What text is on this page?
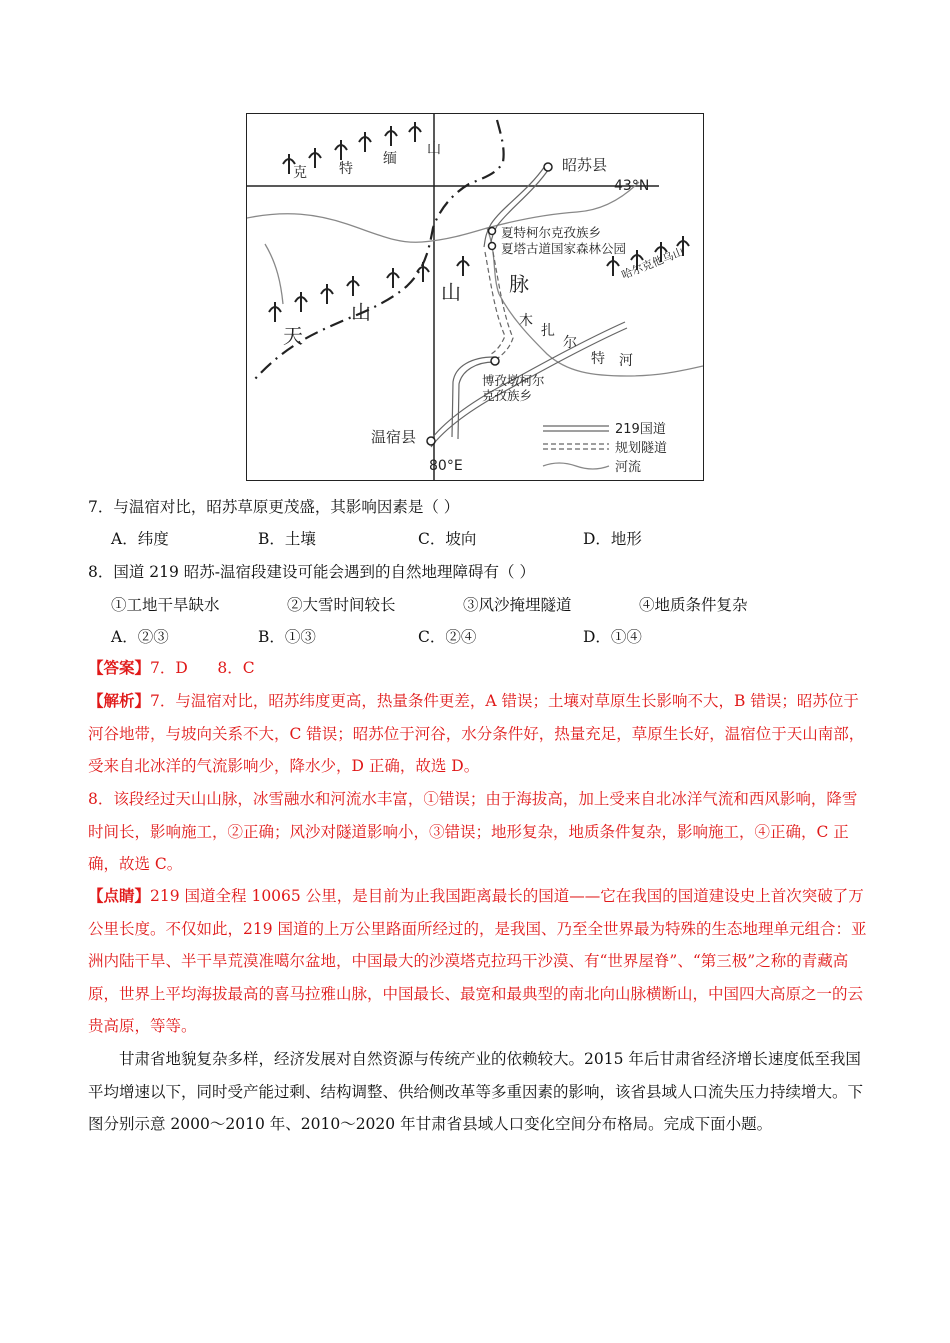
43°N
80°E
昭苏县
夏特柯尔克孜族乡
夏塔古道国家森林公园
博孜墩柯尔
克孜族乡
温宿县
克 特
缅
山
天
山
山 脉
哈尔克他乌山
木
扎
尔
特 河
219国道
规划隧道
河流
7．与温宿对比，昭苏草原更茂盛，其影响因素是（ ）
A．纬度	B．土壤	C．坡向	D．地形
8．国道 219 昭苏-温宿段建设可能会遇到的自然地理障碍有（ ）
①工地干旱缺水	②大雪时间较长	③风沙掩埋隧道	④地质条件复杂
A．②③	B．①③	C．②④	D．①④
【答案】7．D      8．C
【解析】7．与温宿对比，昭苏纬度更高，热量条件更差，A 错误；土壤对草原生长影响不大，B 错误；昭苏位于河谷地带，与坡向关系不大，C 错误；昭苏位于河谷，水分条件好，热量充足，草原生长好，温宿位于天山南部，受来自北冰洋的气流影响少，降水少，D 正确，故选 D。
8．该段经过天山山脉，冰雪融水和河流水丰富，①错误；由于海拔高，加上受来自北冰洋气流和西风影响，降雪时间长，影响施工，②正确；风沙对隧道影响小，③错误；地形复杂，地质条件复杂，影响施工，④正确，C 正确，故选 C。
【点睛】219 国道全程 10065 公里，是目前为止我国距离最长的国道——它在我国的国道建设史上首次突破了万公里长度。不仅如此，219 国道的上万公里路面所经过的，是我国、乃至全世界最为特殊的生态地理单元组合：亚洲内陆干旱、半干旱荒漠准噶尔盆地，中国最大的沙漠塔克拉玛干沙漠、有“世界屋脊”、“第三极”之称的青藏高原，世界上平均海拔最高的喜马拉雅山脉，中国最长、最宽和最典型的南北向山脉横断山，中国四大高原之一的云贵高原，等等。
甘肃省地貌复杂多样，经济发展对自然资源与传统产业的依赖较大。2015 年后甘肃省经济增长速度低至我国平均增速以下，同时受产能过剩、结构调整、供给侧改革等多重因素的影响，该省县域人口流失压力持续增大。下图分别示意 2000～2010 年、2010～2020 年甘肃省县域人口变化空间分布格局。完成下面小题。
